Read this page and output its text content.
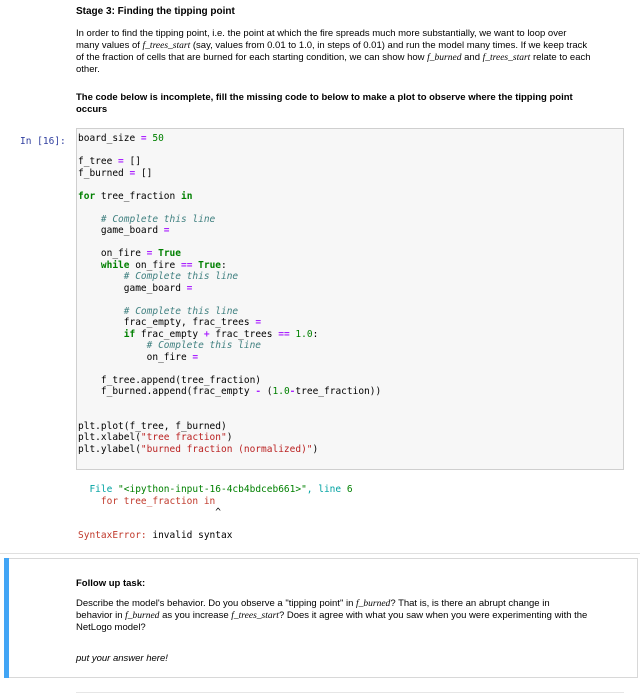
Stage 3: Finding the tipping point

In order to find the tipping point, i.e. the point at which the fire spreads much more substantially, we want to loop over
many values of f_trees_start (say, values from 0.01 to 1.0, in steps of 0.01) and run the model many times. If we keep track
of the fraction of cells that are burned for each starting condition, we can show how f_burned and f_trees_start relate to each
other.

The code below is incomplete, fill the missing code to below to make a plot to observe where the tipping point
occurs

In [16]: board_size = 50

f_tree = []
f_burned = []

for tree_fraction in

# Complete this line
game_board =

on_fire = True
while on_fire == True:
# Complete this line
game_board =

# Complete this line
frac_empty, frac_trees =
if frac_empty + frac_trees == 1.0:
# Complete this line
on_fire =

f_tree.append(tree_fraction)
f_burned.append(frac_empty - (1.0-tree_fraction))

plt.plot(f_tree, f_burned)
plt.xlabel("tree fraction")
plt.ylabel("burned fraction (normalized)")
File "<ipython-input-16-4cb4bdceb661>", line 6
for tree_fraction in
^

SyntaxError: invalid syntax

Follow up task:

Describe the model's behavior. Do you observe a "tipping point" in f_burned? That is, is there an abrupt change in
behavior in f_burned as you increase f_trees_start? Does it agree with what you saw when you were experimenting with the
NetLogo model?

put your answer here!
